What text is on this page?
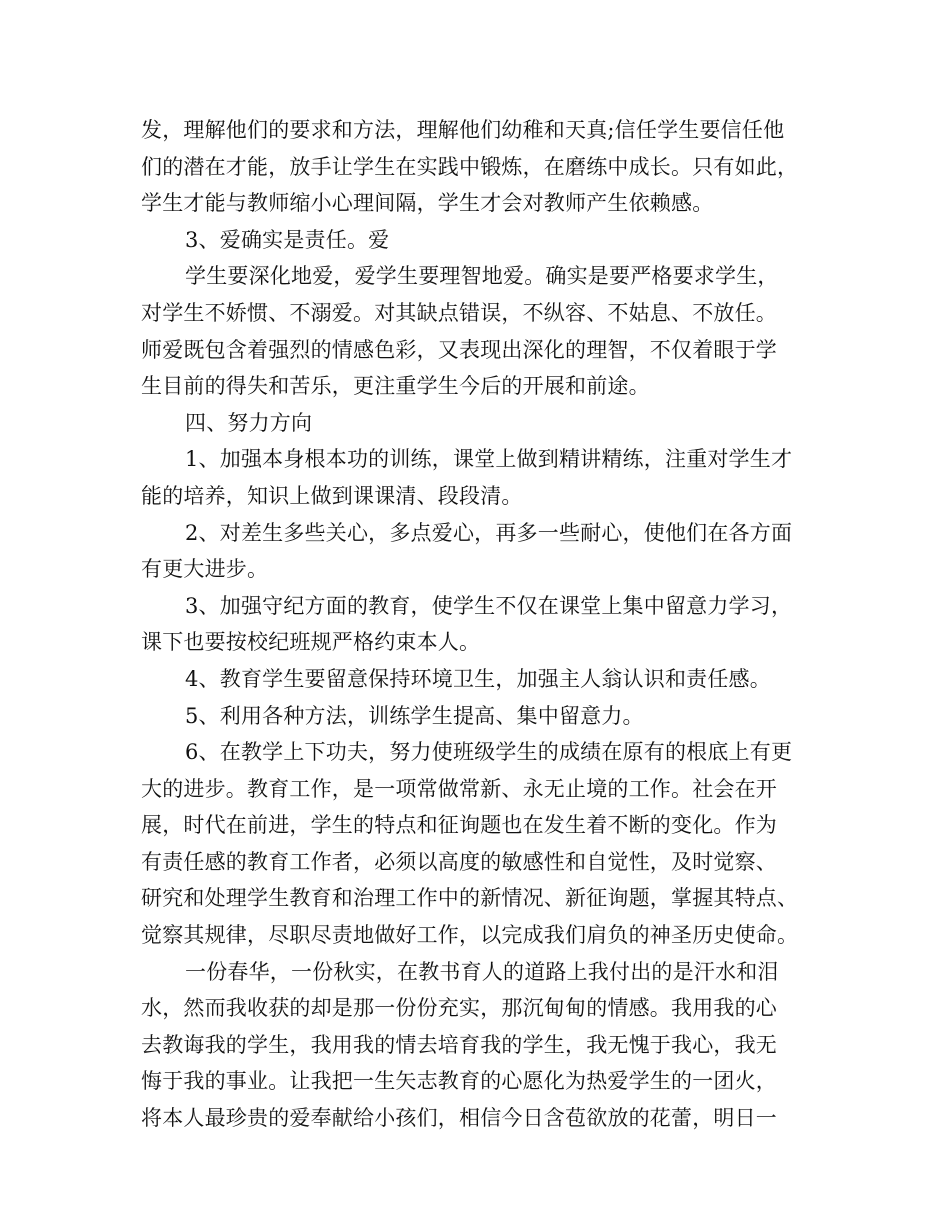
发，理解他们的要求和方法，理解他们幼稚和天真;信任学生要信任他
们的潜在才能，放手让学生在实践中锻炼，在磨练中成长。只有如此，
学生才能与教师缩小心理间隔，学生才会对教师产生依赖感。
3、爱确实是责任。爱
学生要深化地爱，爱学生要理智地爱。确实是要严格要求学生，
对学生不娇惯、不溺爱。对其缺点错误，不纵容、不姑息、不放任。
师爱既包含着强烈的情感色彩，又表现出深化的理智，不仅着眼于学
生目前的得失和苦乐，更注重学生今后的开展和前途。
四、努力方向
1、加强本身根本功的训练，课堂上做到精讲精练，注重对学生才
能的培养，知识上做到课课清、段段清。
2、对差生多些关心，多点爱心，再多一些耐心，使他们在各方面
有更大进步。
3、加强守纪方面的教育，使学生不仅在课堂上集中留意力学习，
课下也要按校纪班规严格约束本人。
4、教育学生要留意保持环境卫生，加强主人翁认识和责任感。
5、利用各种方法，训练学生提高、集中留意力。
6、在教学上下功夫，努力使班级学生的成绩在原有的根底上有更
大的进步。教育工作，是一项常做常新、永无止境的工作。社会在开
展，时代在前进，学生的特点和征询题也在发生着不断的变化。作为
有责任感的教育工作者，必须以高度的敏感性和自觉性，及时觉察、
研究和处理学生教育和治理工作中的新情况、新征询题，掌握其特点、
觉察其规律，尽职尽责地做好工作，以完成我们肩负的神圣历史使命。
一份春华，一份秋实，在教书育人的道路上我付出的是汗水和泪
水，然而我收获的却是那一份份充实，那沉甸甸的情感。我用我的心
去教诲我的学生，我用我的情去培育我的学生，我无愧于我心，我无
悔于我的事业。让我把一生矢志教育的心愿化为热爱学生的一团火，
将本人最珍贵的爱奉献给小孩们，相信今日含苞欲放的花蕾，明日一
